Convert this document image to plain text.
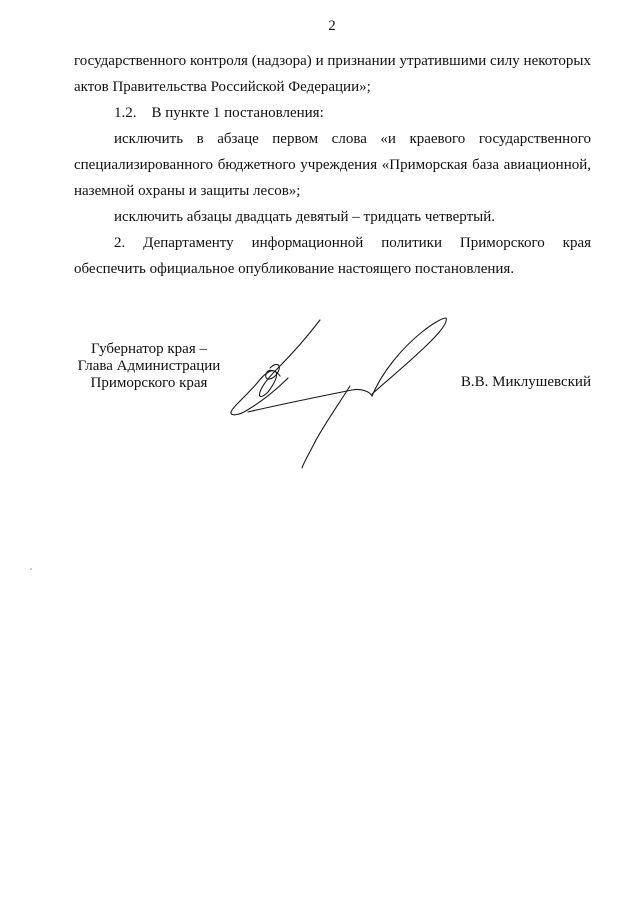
2

государственного контроля (надзора) и признании утратившими силу некоторых актов Правительства Российской Федерации»;

1.2.    В пункте 1 постановления:

исключить в абзаце первом слова «и краевого государственного специализированного бюджетного учреждения «Приморская база авиационной, наземной охраны и защиты лесов»;

исключить абзацы двадцать девятый – тридцать четвертый.

2. Департаменту информационной политики Приморского края обеспечить официальное опубликование настоящего постановления.

Губернатор края –
Глава Администрации
Приморского края	В.В. Миклушевский
